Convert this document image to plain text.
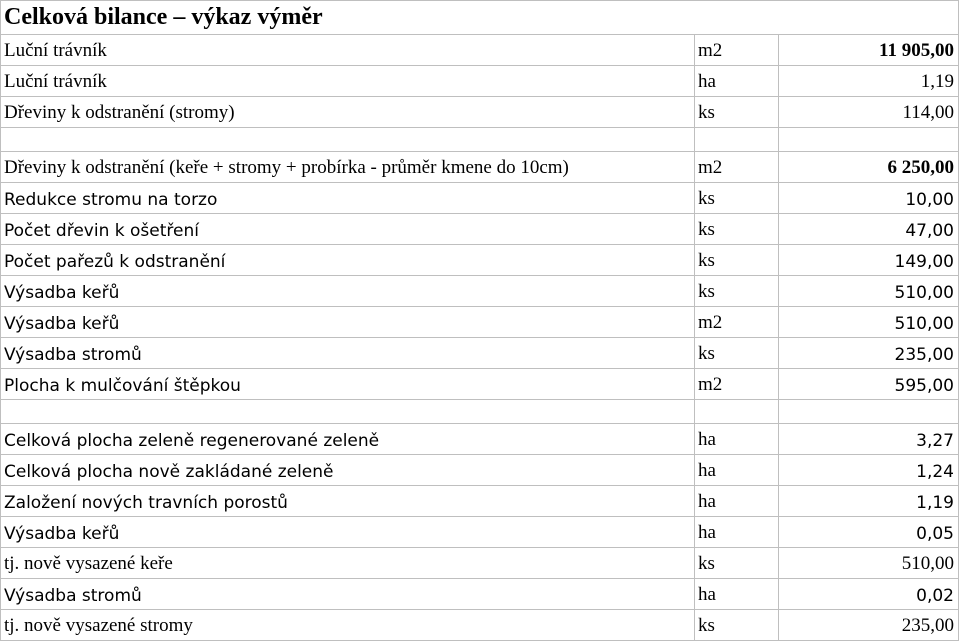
Celková bilance – výkaz výměr
Luční trávník	m2	11 905,00
Luční trávník	ha	1,19
Dřeviny k odstranění (stromy)	ks	114,00
Dřeviny k odstranění (keře + stromy + probírka - průměr kmene do 10cm)	m2	6 250,00
Redukce stromu na torzo	ks	10,00
Počet dřevin k ošetření	ks	47,00
Počet pařezů k odstranění	ks	149,00
Výsadba keřů	ks	510,00
Výsadba keřů	m2	510,00
Výsadba stromů	ks	235,00
Plocha k mulčování štěpkou	m2	595,00
Celková plocha zeleně regenerované zeleně	ha	3,27
Celková plocha nově zakládané zeleně	ha	1,24
Založení nových travních porostů	ha	1,19
Výsadba keřů	ha	0,05
tj. nově vysazené keře	ks	510,00
Výsadba stromů	ha	0,02
tj. nově vysazené stromy	ks	235,00
